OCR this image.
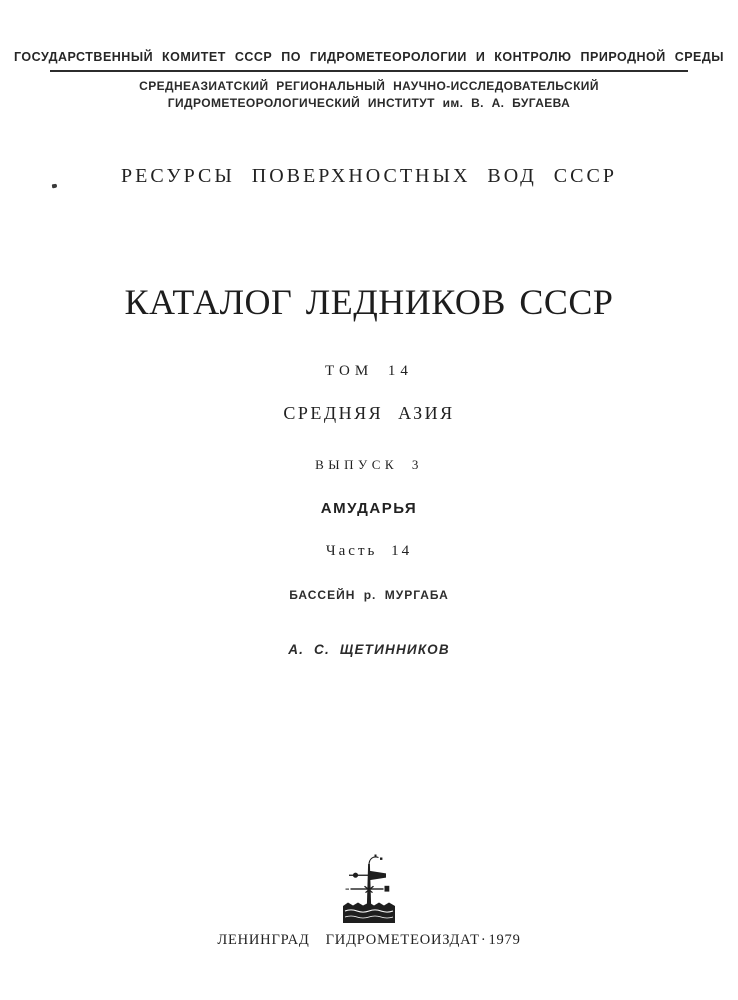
ГОСУДАРСТВЕННЫЙ КОМИТЕТ СССР ПО ГИДРОМЕТЕОРОЛОГИИ И КОНТРОЛЮ ПРИРОДНОЙ СРЕДЫ
СРЕДНЕАЗИАТСКИЙ РЕГИОНАЛЬНЫЙ НАУЧНО-ИССЛЕДОВАТЕЛЬСКИЙ
ГИДРОМЕТЕОРОЛОГИЧЕСКИЙ ИНСТИТУТ им. В. А. БУГАЕВА
РЕСУРСЫ ПОВЕРХНОСТНЫХ ВОД СССР
КАТАЛОГ ЛЕДНИКОВ СССР
ТОМ 14
СРЕДНЯЯ АЗИЯ
ВЫПУСК 3
АМУДАРЬЯ
Часть 14
БАССЕЙН р. МУРГАБА
А. С. ЩЕТИННИКОВ
ЛЕНИНГРАД ГИДРОМЕТЕОИЗДАТ· 1979
